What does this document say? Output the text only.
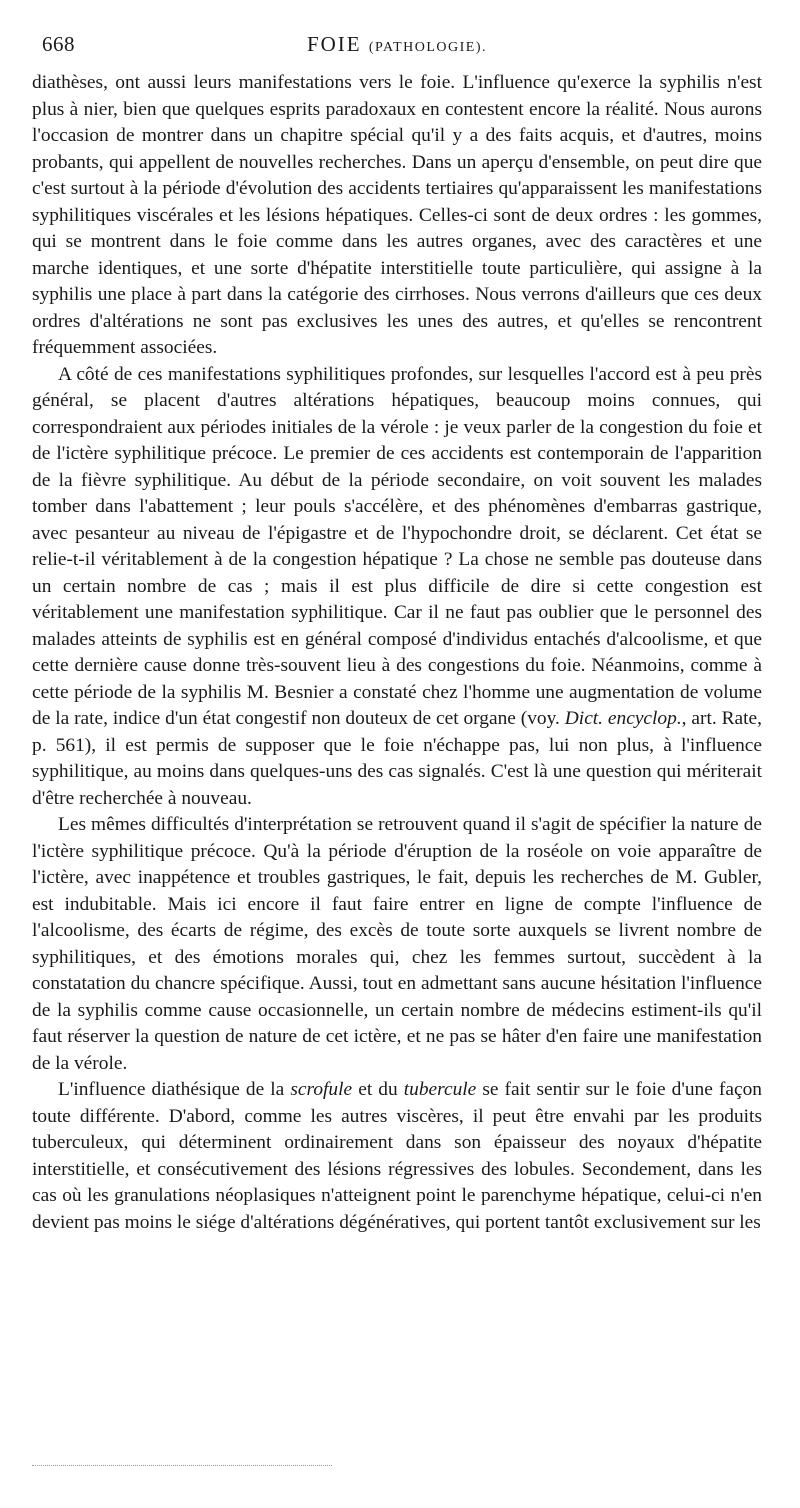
668	FOIE (PATHOLOGIE).

diathèses, ont aussi leurs manifestations vers le foie. L'influence qu'exerce la syphilis n'est plus à nier, bien que quelques esprits paradoxaux en contestent encore la réalité. Nous aurons l'occasion de montrer dans un chapitre spécial qu'il y a des faits acquis, et d'autres, moins probants, qui appellent de nouvelles recherches. Dans un aperçu d'ensemble, on peut dire que c'est surtout à la période d'évolution des accidents tertiaires qu'apparaissent les manifestations syphilitiques viscérales et les lésions hépatiques. Celles-ci sont de deux ordres : les gommes, qui se montrent dans le foie comme dans les autres organes, avec des caractères et une marche identiques, et une sorte d'hépatite interstitielle toute particulière, qui assigne à la syphilis une place à part dans la catégorie des cirrhoses. Nous verrons d'ailleurs que ces deux ordres d'altérations ne sont pas exclusives les unes des autres, et qu'elles se rencontrent fréquemment associées.

A côté de ces manifestations syphilitiques profondes, sur lesquelles l'accord est à peu près général, se placent d'autres altérations hépatiques, beaucoup moins connues, qui correspondraient aux périodes initiales de la vérole : je veux parler de la congestion du foie et de l'ictère syphilitique précoce. Le premier de ces accidents est contemporain de l'apparition de la fièvre syphilitique. Au début de la période secondaire, on voit souvent les malades tomber dans l'abattement ; leur pouls s'accélère, et des phénomènes d'embarras gastrique, avec pesanteur au niveau de l'épigastre et de l'hypochondre droit, se déclarent. Cet état se relie-t-il véritablement à de la congestion hépatique ? La chose ne semble pas douteuse dans un certain nombre de cas ; mais il est plus difficile de dire si cette congestion est véritablement une manifestation syphilitique. Car il ne faut pas oublier que le personnel des malades atteints de syphilis est en général composé d'individus entachés d'alcoolisme, et que cette dernière cause donne très-souvent lieu à des congestions du foie. Néanmoins, comme à cette période de la syphilis M. Besnier a constaté chez l'homme une augmentation de volume de la rate, indice d'un état congestif non douteux de cet organe (voy. Dict. encyclop., art. Rate, p. 561), il est permis de supposer que le foie n'échappe pas, lui non plus, à l'influence syphilitique, au moins dans quelques-uns des cas signalés. C'est là une question qui mériterait d'être recherchée à nouveau.

Les mêmes difficultés d'interprétation se retrouvent quand il s'agit de spécifier la nature de l'ictère syphilitique précoce. Qu'à la période d'éruption de la roséole on voie apparaître de l'ictère, avec inappétence et troubles gastriques, le fait, depuis les recherches de M. Gubler, est indubitable. Mais ici encore il faut faire entrer en ligne de compte l'influence de l'alcoolisme, des écarts de régime, des excès de toute sorte auxquels se livrent nombre de syphilitiques, et des émotions morales qui, chez les femmes surtout, succèdent à la constatation du chancre spécifique. Aussi, tout en admettant sans aucune hésitation l'influence de la syphilis comme cause occasionnelle, un certain nombre de médecins estiment-ils qu'il faut réserver la question de nature de cet ictère, et ne pas se hâter d'en faire une manifestation de la vérole.

L'influence diathésique de la scrofule et du tubercule se fait sentir sur le foie d'une façon toute différente. D'abord, comme les autres viscères, il peut être envahi par les produits tuberculeux, qui déterminent ordinairement dans son épaisseur des noyaux d'hépatite interstitielle, et consécutivement des lésions régressives des lobules. Secondement, dans les cas où les granulations néoplasiques n'atteignent point le parenchyme hépatique, celui-ci n'en devient pas moins le siége d'altérations dégénératives, qui portent tantôt exclusivement sur les
